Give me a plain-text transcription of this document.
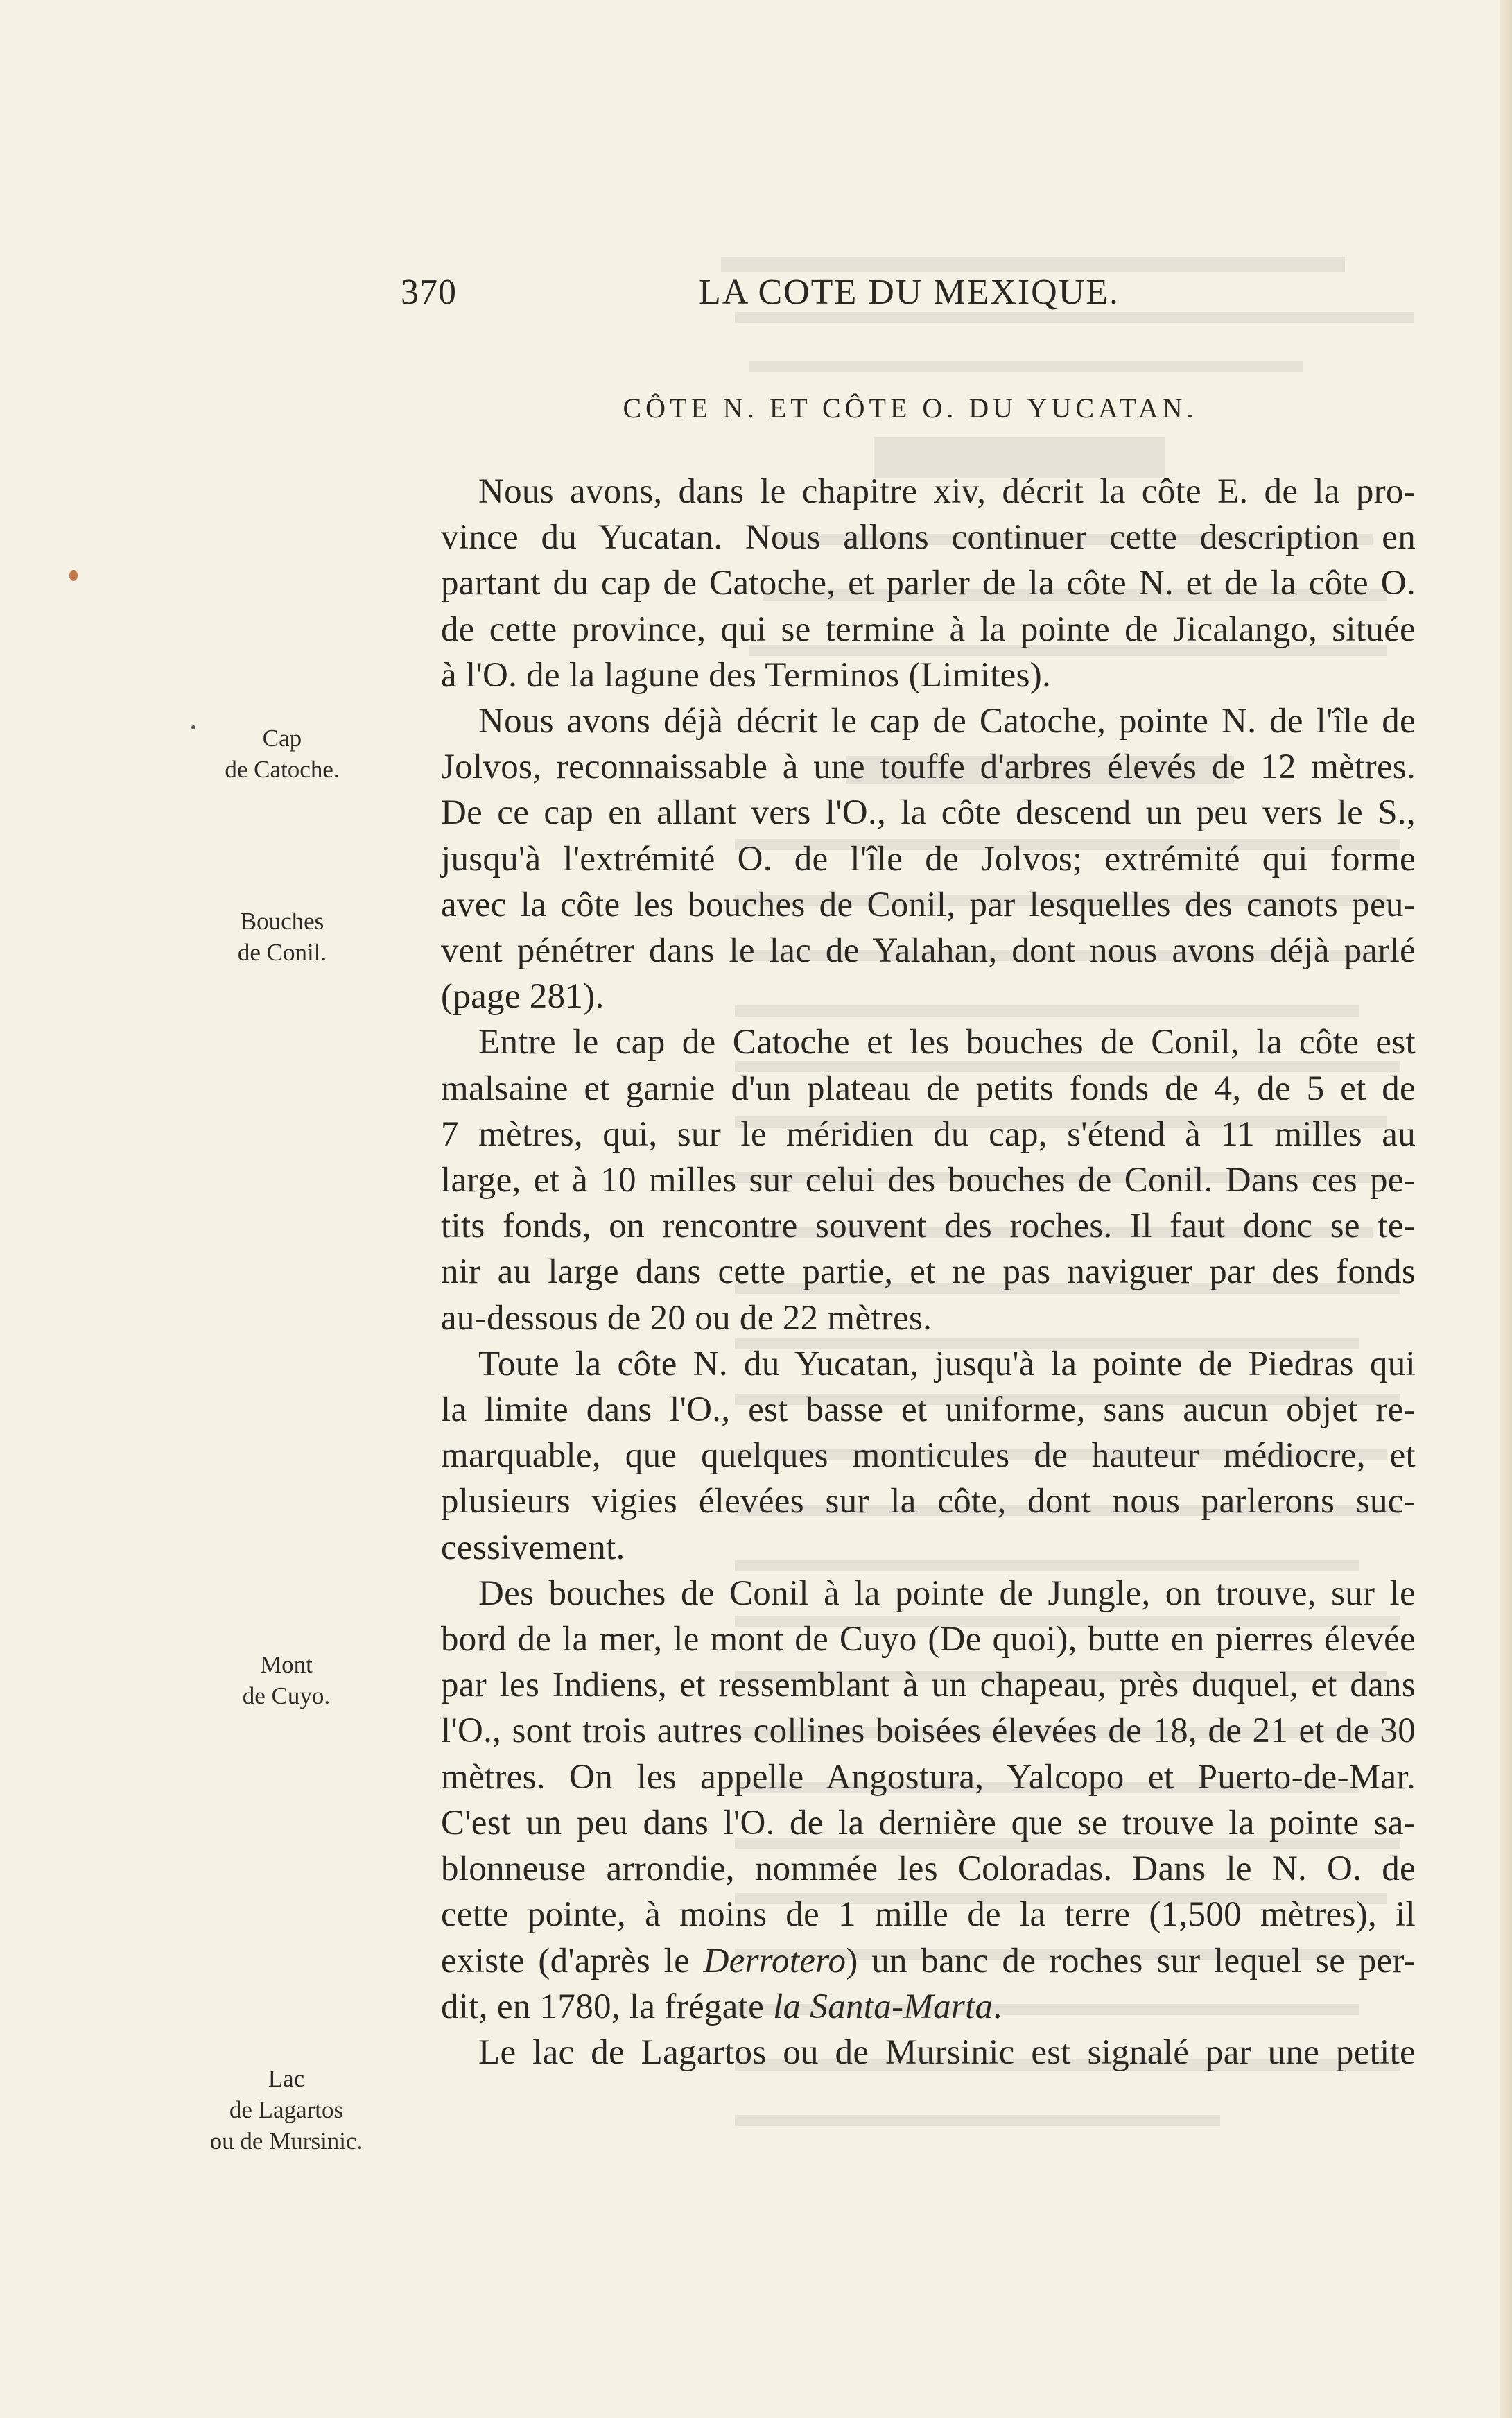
370	LA COTE DU MEXIQUE.
CÔTE N. ET CÔTE O. DU YUCATAN.
Cap
de Catoche.
Bouches
de Conil.
Mont
de Cuyo.
Lac
de Lagartos
ou de Mursinic.

Nous avons, dans le chapitre xiv, décrit la côte E. de la pro-
vince du Yucatan. Nous allons continuer cette description en
partant du cap de Catoche, et parler de la côte N. et de la côte O.
de cette province, qui se termine à la pointe de Jicalango, située
à l'O. de la lagune des Terminos (Limites).

Nous avons déjà décrit le cap de Catoche, pointe N. de l'île de
Jolvos, reconnaissable à une touffe d'arbres élevés de 12 mètres.
De ce cap en allant vers l'O., la côte descend un peu vers le S.,
jusqu'à l'extrémité O. de l'île de Jolvos; extrémité qui forme
avec la côte les bouches de Conil, par lesquelles des canots peu-
vent pénétrer dans le lac de Yalahan, dont nous avons déjà parlé
(page 281).

Entre le cap de Catoche et les bouches de Conil, la côte est
malsaine et garnie d'un plateau de petits fonds de 4, de 5 et de
7 mètres, qui, sur le méridien du cap, s'étend à 11 milles au
large, et à 10 milles sur celui des bouches de Conil. Dans ces pe-
tits fonds, on rencontre souvent des roches. Il faut donc se te-
nir au large dans cette partie, et ne pas naviguer par des fonds
au-dessous de 20 ou de 22 mètres.

Toute la côte N. du Yucatan, jusqu'à la pointe de Piedras qui
la limite dans l'O., est basse et uniforme, sans aucun objet re-
marquable, que quelques monticules de hauteur médiocre, et
plusieurs vigies élevées sur la côte, dont nous parlerons suc-
cessivement.

Des bouches de Conil à la pointe de Jungle, on trouve, sur le
bord de la mer, le mont de Cuyo (De quoi), butte en pierres élevée
par les Indiens, et ressemblant à un chapeau, près duquel, et dans
l'O., sont trois autres collines boisées élevées de 18, de 21 et de 30
mètres. On les appelle Angostura, Yalcopo et Puerto-de-Mar.
C'est un peu dans l'O. de la dernière que se trouve la pointe sa-
blonneuse arrondie, nommée les Coloradas. Dans le N. O. de
cette pointe, à moins de 1 mille de la terre (1,500 mètres), il
existe (d'après le Derrotero) un banc de roches sur lequel se per-
dit, en 1780, la frégate la Santa-Marta.

Le lac de Lagartos ou de Mursinic est signalé par une petite
